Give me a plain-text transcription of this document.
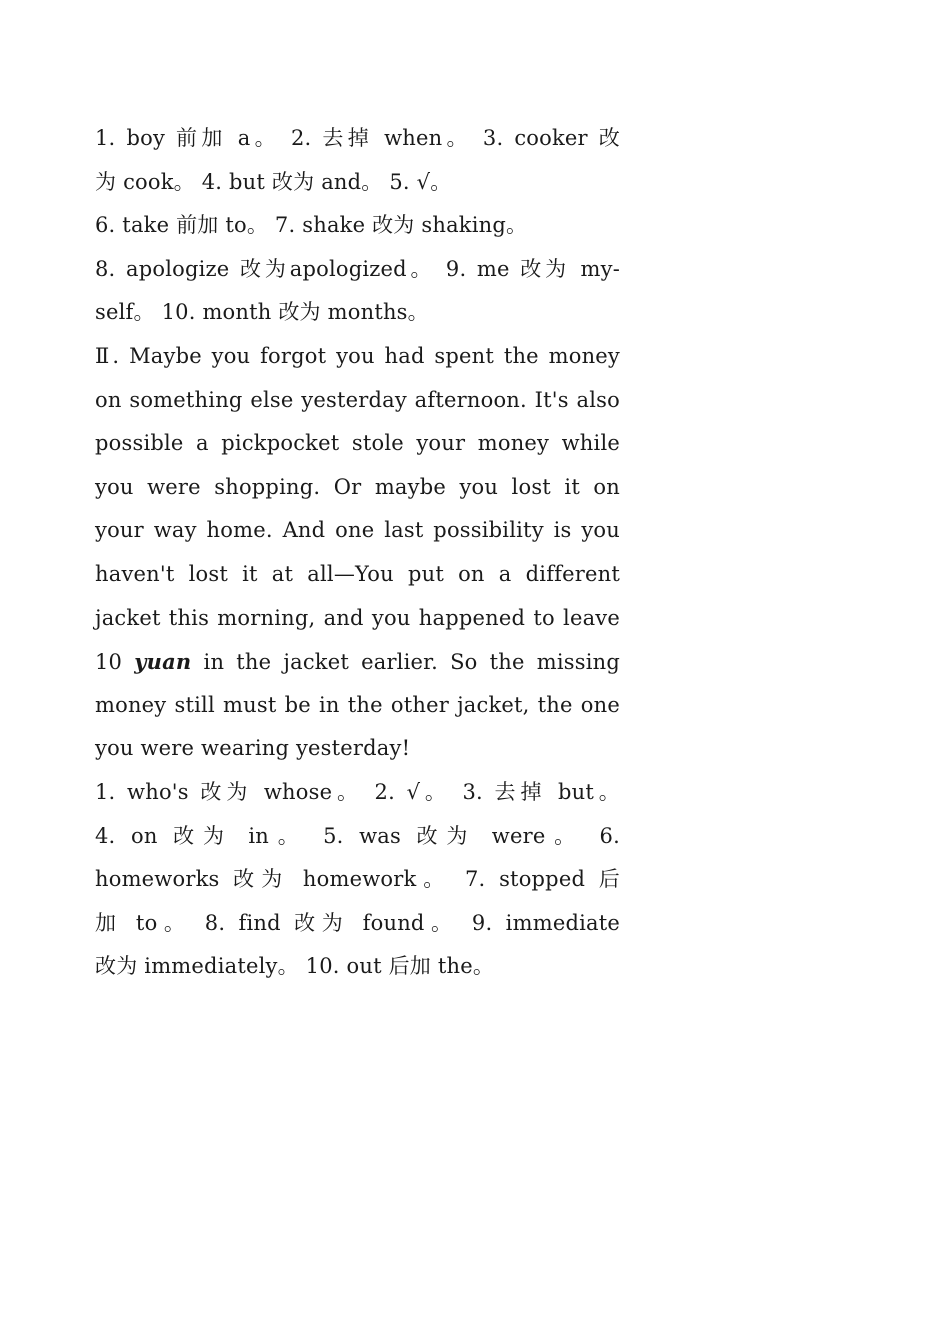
1. boy 前加 a。 2. 去掉 when。 3. cooker 改
为 cook。 4. but 改为 and。 5. √。
6. take 前加 to。 7. shake 改为 shaking。
8. apologize 改为apologized。 9. me 改为 my-
self。 10. month 改为 months。
Ⅱ. Maybe you forgot you had spent the money
on something else yesterday afternoon. It's also
possible a pickpocket stole your money while
you were shopping. Or maybe you lost it on
your way home. And one last possibility is you
haven't lost it at all—You put on a different
jacket this morning, and you happened to leave
10 yuan in the jacket earlier. So the missing
money still must be in the other jacket, the one
you were wearing yesterday!
1. who's 改为 whose。 2. √。 3. 去掉 but。
4. on 改为 in。 5. was 改为 were。 6.
homeworks 改为 homework。 7. stopped 后
加 to。 8. find 改为 found。 9. immediate
改为 immediately。 10. out 后加 the。
